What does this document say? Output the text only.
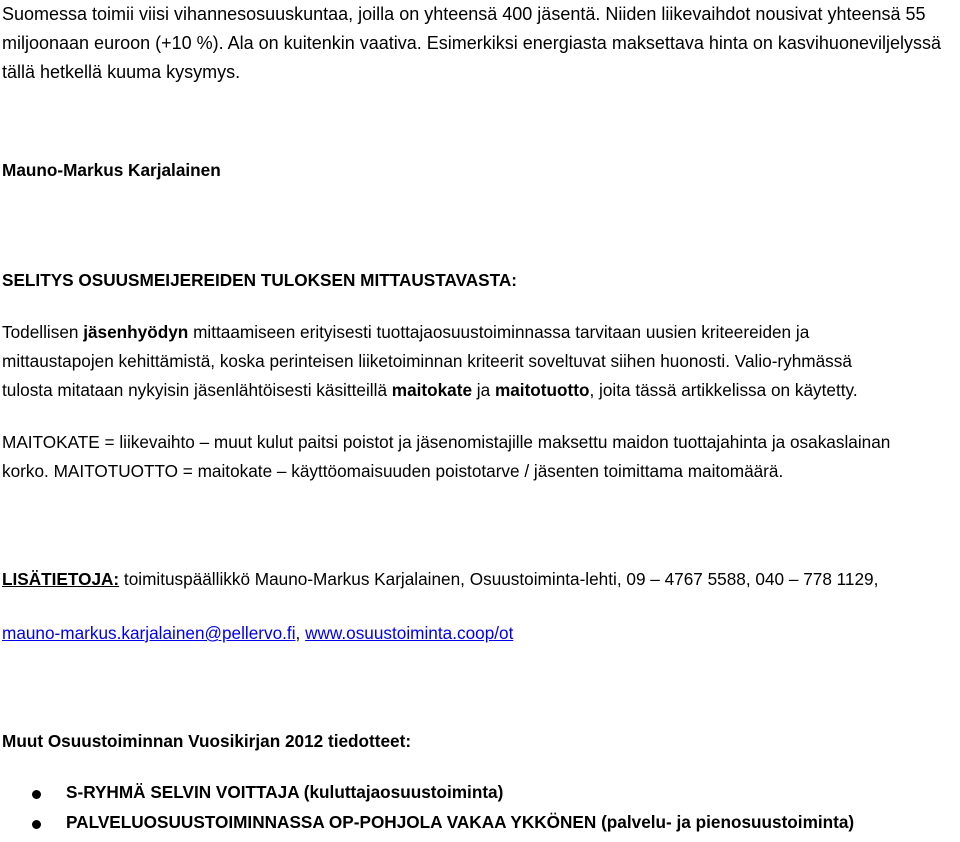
Suomessa toimii viisi vihannesosuuskuntaa, joilla on yhteensä 400 jäsentä. Niiden liikevaihdot nousivat yhteensä 55
miljoonaan euroon (+10 %). Ala on kuitenkin vaativa. Esimerkiksi energiasta maksettava hinta on kasvihuoneviljelyssä
tällä hetkellä kuuma kysymys.
Mauno-Markus Karjalainen
SELITYS OSUUSMEIJEREIDEN TULOKSEN MITTAUSTAVASTA:
Todellisen jäsenhyödyn mittaamiseen erityisesti tuottajaosuustoiminnassa tarvitaan uusien kriteereiden ja
mittaustapojen kehittämistä, koska perinteisen liiketoiminnan kriteerit soveltuvat siihen huonosti. Valio-ryhmässä
tulosta mitataan nykyisin jäsenlähtöisesti käsitteillä maitokate ja maitotuotto, joita tässä artikkelissa on käytetty.
MAITOKATE = liikevaihto – muut kulut paitsi poistot ja jäsenomistajille maksettu maidon tuottajahinta ja osakaslainan
korko. MAITOTUOTTO = maitokate – käyttöomaisuuden poistotarve / jäsenten toimittama maitomäärä.
LISÄTIETOJA: toimituspäällikkö Mauno-Markus Karjalainen, Osuustoiminta-lehti, 09 – 4767 5588, 040 – 778 1129,
mauno-markus.karjalainen@pellervo.fi, www.osuustoiminta.coop/ot
Muut Osuustoiminnan Vuosikirjan 2012 tiedotteet:
S-RYHMÄ SELVIN VOITTAJA (kuluttajaosuustoiminta)
PALVELUOSUUSTOIMINNASSA OP-POHJOLA VAKAA YKKÖNEN (palvelu- ja pienosuustoiminta)
